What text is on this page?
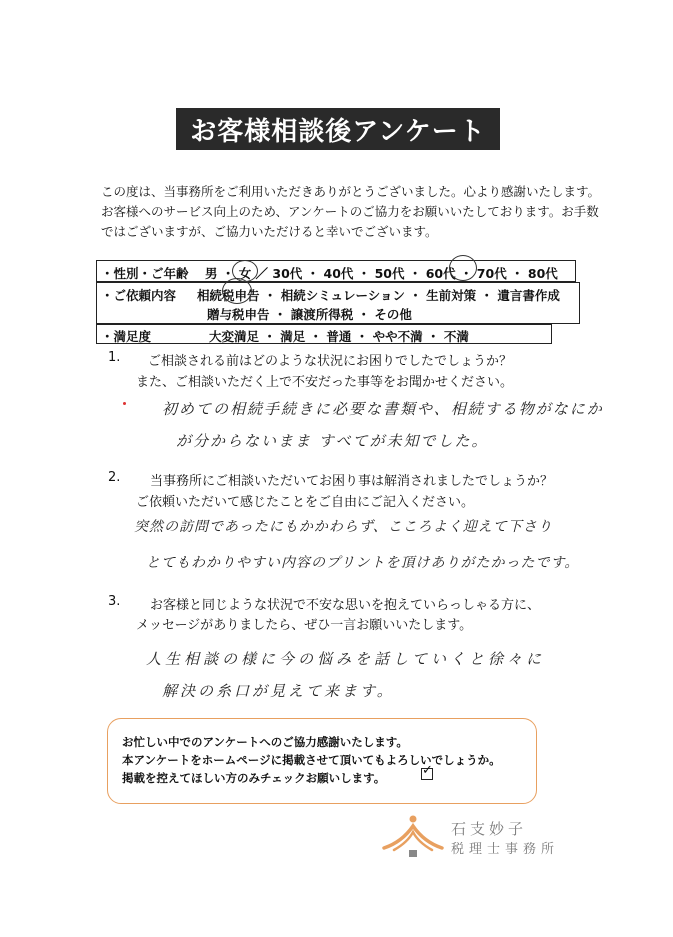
お客様相談後アンケート
この度は、当事務所をご利用いただきありがとうございました。心より感謝いたします。
お客様へのサービス向上のため、アンケートのご協力をお願いいたしております。お手数
ではございますが、ご協力いただけると幸いでございます。
・性別・ご年齢 男 ・ 女 ／ 30代 ・ 40代 ・ 50代 ・ 60代 ・ 70代 ・ 80代
・ご依頼内容 相続税申告 ・ 相続シミュレーション ・ 生前対策 ・ 遺言書作成
贈与税申告 ・ 譲渡所得税 ・ その他
・満足度	大変満足 ・ 満足 ・ 普通 ・ やや不満 ・ 不満
1. ご相談される前はどのような状況にお困りでしたでしょうか？
また、ご相談いただく上で不安だった事等をお聞かせください。
初めての相続手続きに必要な書類や、相続する物がなにか
が分からないまま すべてが未知でした。
2. 当事務所にご相談いただいてお困り事は解消されましたでしょうか？
ご依頼いただいて感じたことをご自由にご記入ください。
突然の訪問であったにもかかわらず、こころよく迎えて下さり
とてもわかりやすい内容のプリントを頂けありがたかったです。
3. お客様と同じような状況で不安な思いを抱えていらっしゃる方に、
メッセージがありましたら、ぜひ一言お願いいたします。
人生相談の様に今の悩みを話していくと徐々に
解決の糸口が見えて来ます。
お忙しい中でのアンケートへのご協力感謝いたします。
本アンケートをホームページに掲載させて頂いてもよろしいでしょうか。
掲載を控えてほしい方のみチェックお願いします。
✓
石支妙子
税理士事務所
